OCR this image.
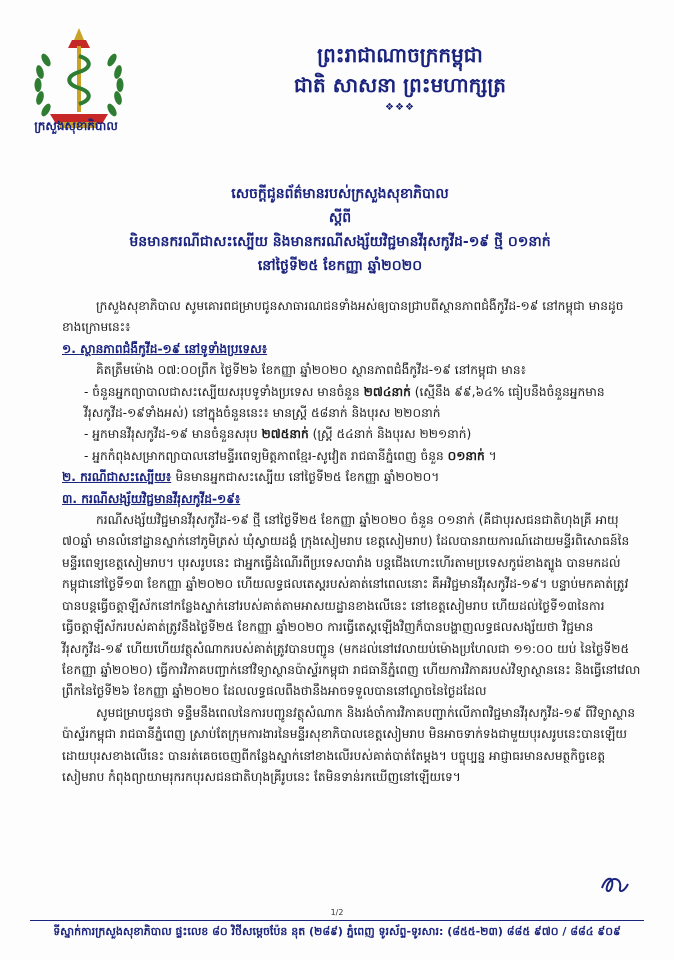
ក្រសួងសុខាភិបាល
ព្រះរាជាណាចក្រកម្ពុជា
ជាតិ សាសនា ព្រះមហាក្សត្រ
❖❖❖
សេចក្ដីជូនព័ត៌មានរបស់ក្រសួងសុខាភិបាល
ស្ដីពី
មិនមានករណីជាសះស្បើយ និងមានករណីសង្ស័យវិជ្ជមានវីរុសកូវីដ-១៩ ថ្មី ០១នាក់
នៅថ្ងៃទី២៥ ខែកញ្ញា ឆ្នាំ២០២០

ក្រសួងសុខាភិបាល សូមគោរពជម្រាបជូនសាធារណជនទាំងអស់ឲ្យបានជ្រាបពីស្ថានភាពជំងឺកូវីដ-១៩ នៅកម្ពុជា មានដូចខាងក្រោមនេះ៖

១. ស្ថានភាពជំងឺកូវីដ-១៩ នៅទូទាំងប្រទេស៖

គិតត្រឹមម៉ោង ០៧:០០ព្រឹក ថ្ងៃទី២៦ ខែកញ្ញា ឆ្នាំ២០២០ ស្ថានភាពជំងឺកូវីដ-១៩ នៅកម្ពុជា មាន៖

- ចំនួនអ្នកព្យាបាលជាសះស្បើយសរុបទូទាំងប្រទេស មានចំនួន ២៧៤នាក់ (ស្មើនឹង ៩៩,៦៤% ធៀបនឹងចំនួនអ្នកមានវីរុសកូវីដ-១៩ទាំងអស់) នៅក្នុងចំនួននេះ៖ មានស្ត្រី ៥៨នាក់ និងបុរស ២២០នាក់

- អ្នកមានវីរុសកូវីដ-១៩ មានចំនួនសរុប ២៧៥នាក់ (ស្ត្រី ៥៤នាក់ និងបុរស ២២១នាក់)

- អ្នកកំពុងសម្រាកព្យាបាលនៅមន្ទីរពេទ្យមិត្តភាពខ្មែរ-សូវៀត រាជធានីភ្នំពេញ ចំនួន ០១នាក់ ។

២. ករណីជាសះស្បើយ៖ មិនមានអ្នកជាសះស្បើយ នៅថ្ងៃទី២៥ ខែកញ្ញា ឆ្នាំ២០២០។

៣. ករណីសង្ស័យវិជ្ជមានវីរុសកូវីដ-១៩៖

ករណីសង្ស័យវិជ្ជមានវីរុសកូវីដ-១៩ ថ្មី នៅថ្ងៃទី២៥ ខែកញ្ញា ឆ្នាំ២០២០ ចំនួន ០១នាក់ (គឺជាបុរសជនជាតិហុងគ្រី អាយុ ៧០ឆ្នាំ មានលំនៅដ្ឋានស្នាក់នៅភូមិត្រស់ ឃុំស្វាយដង្គំ ក្រុងសៀមរាប ខេត្តសៀមរាប) ដែលបានរាយការណ៍ដោយមន្ទីរពិសោធន៍នៃមន្ទីរពេទ្យខេត្តសៀមរាប។ បុរសរូបនេះ ជាអ្នកធ្វើដំណើរពីប្រទេសបារាំង បន្តជើងហោះហើរតាមប្រទេសកូរ៉េខាងត្បូង បានមកដល់កម្ពុជានៅថ្ងៃទី១៣ ខែកញ្ញា ឆ្នាំ២០២០ ហើយលទ្ធផលតេស្តរបស់គាត់នៅពេលនោះ គឺអវិជ្ជមានវីរុសកូវីដ-១៩។ បន្ទាប់មកគាត់ត្រូវបានបន្តធ្វើចត្តាឡីស័កនៅកន្លែងស្នាក់នៅរបស់គាត់តាមអាសយដ្ឋានខាងលើនេះ នៅខេត្តសៀមរាប ហើយដល់ថ្ងៃទី១៣នៃការធ្វើចត្តាឡីស័ករបស់គាត់ត្រូវនឹងថ្ងៃទី២៥ ខែកញ្ញា ឆ្នាំ២០២០ ការធ្វើតេស្តឡើងវិញក៏បានបង្ហាញលទ្ធផលសង្ស័យថា វិជ្ជមានវីរុសកូវីដ-១៩ ហើយហើយវត្ថុសំណាករបស់គាត់ត្រូវបានបញ្ជូន (មកដល់នៅវេលាយប់ម៉ោងប្រហែលជា ១១:០០ យប់ នៃថ្ងៃទី២៥ ខែកញ្ញា ឆ្នាំ២០២០) ធ្វើការវិភាគបញ្ជាក់នៅវិទ្យាស្ថានប៉ាស្ទ័រកម្ពុជា រាជធានីភ្នំពេញ ហើយការវិភាគរបស់វិទ្យាស្ថាននេះ និងធ្វើនៅវេលាព្រឹកនៃថ្ងៃទី២៦ ខែកញ្ញា ឆ្នាំ២០២០ ដែលលទ្ធផលពឹងថានឹងអាចទទួលបាននៅល្ងាចនៃថ្ងៃដដែល

សូមជម្រាបជូនថា ទន្ទឹមនឹងពេលនៃការបញ្ជូនវត្ថុសំណាក និងរង់ចាំការវិភាគបញ្ជាក់លើភាពវិជ្ជមានវីរុសកូវីដ-១៩ ពីវិទ្យាស្ថានប៉ាស្ទ័រកម្ពុជា រាជធានីភ្នំពេញ ស្រាប់តែក្រុមការងារនៃមន្ទីរសុខាភិបាលខេត្តសៀមរាប មិនអាចទាក់ទងជាមួយបុរសរូបនេះបានឡើយ ដោយបុរសខាងលើនេះ បានរត់គេចចេញពីកន្លែងស្នាក់នៅខាងលើរបស់គាត់បាត់តែម្ដង។ បច្ចុប្បន្ន អាជ្ញាធរមានសមត្ថកិច្ចខេត្តសៀមរាប កំពុងព្យាយាមរុករកបុរសជនជាតិហុងគ្រីរូបនេះ តែមិនទាន់រកឃើញនៅឡើយទេ។

1/2
ទីស្នាក់ការក្រសួងសុខាភិបាល ផ្ទះលេខ ៨០ វិថីសម្ដេចប៉ែន នុត (២៨៩) ភ្នំពេញ ទូរស័ព្ទ-ទូរសារ: (៨៥៥-២៣) ៨៨៥ ៩៧០ / ៨៨៤ ៩០៩
